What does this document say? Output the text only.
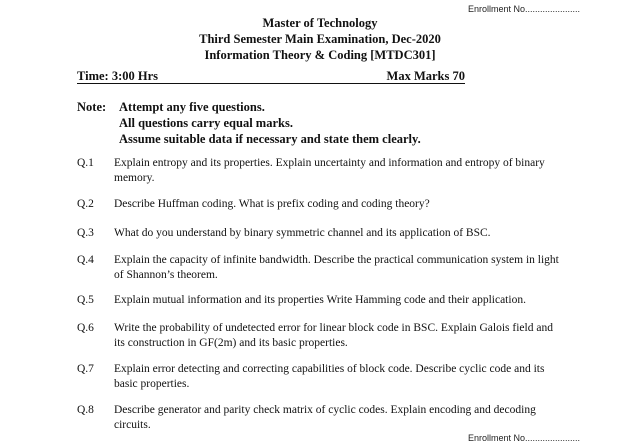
Enrollment No......................
Master of Technology
Third Semester Main Examination, Dec-2020
Information Theory & Coding [MTDC301]
Time: 3:00 Hrs	Max Marks 70
Note: Attempt any five questions.
All questions carry equal marks.
Assume suitable data if necessary and state them clearly.
Q.1 Explain entropy and its properties. Explain uncertainty and information and entropy of binary memory.
Q.2 Describe Huffman coding. What is prefix coding and coding theory?
Q.3 What do you understand by binary symmetric channel and its application of BSC.
Q.4 Explain the capacity of infinite bandwidth. Describe the practical communication system in light of Shannon’s theorem.
Q.5 Explain mutual information and its properties Write Hamming code and their application.
Q.6 Write the probability of undetected error for linear block code in BSC. Explain Galois field and its construction in GF(2m) and its basic properties.
Q.7 Explain error detecting and correcting capabilities of block code. Describe cyclic code and its basic properties.
Q.8 Describe generator and parity check matrix of cyclic codes. Explain encoding and decoding circuits.
Enrollment No......................
